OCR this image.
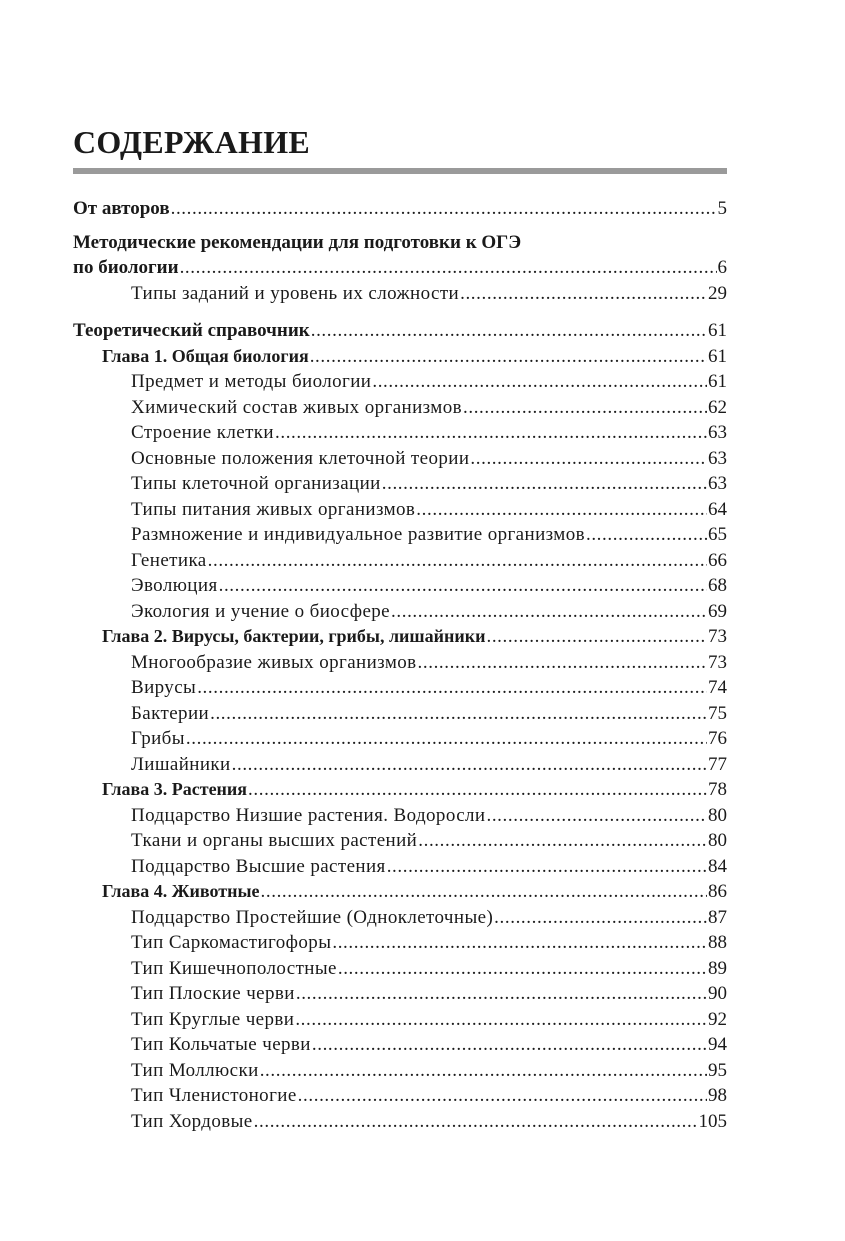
СОДЕРЖАНИЕ
От авторов .....	5
Методические рекомендации для подготовки к ОГЭ
по биологии .....	6
Типы заданий и уровень их сложности .....	29
Теоретический справочник .....	61
Глава 1. Общая биология .....	61
Предмет и методы биологии .....	61
Химический состав живых организмов .....	62
Строение клетки .....	63
Основные положения клеточной теории .....	63
Типы клеточной организации .....	63
Типы питания живых организмов .....	64
Размножение и индивидуальное развитие организмов .....	65
Генетика .....	66
Эволюция .....	68
Экология и учение о биосфере .....	69
Глава 2. Вирусы, бактерии, грибы, лишайники .....	73
Многообразие живых организмов .....	73
Вирусы .....	74
Бактерии .....	75
Грибы .....	76
Лишайники .....	77
Глава 3. Растения .....	78
Подцарство Низшие растения. Водоросли .....	80
Ткани и органы высших растений .....	80
Подцарство Высшие растения .....	84
Глава 4. Животные .....	86
Подцарство Простейшие (Одноклеточные) .....	87
Тип Саркомастигофоры .....	88
Тип Кишечнополостные .....	89
Тип Плоские черви .....	90
Тип Круглые черви .....	92
Тип Кольчатые черви .....	94
Тип Моллюски .....	95
Тип Членистоногие .....	98
Тип Хордовые .....	105
